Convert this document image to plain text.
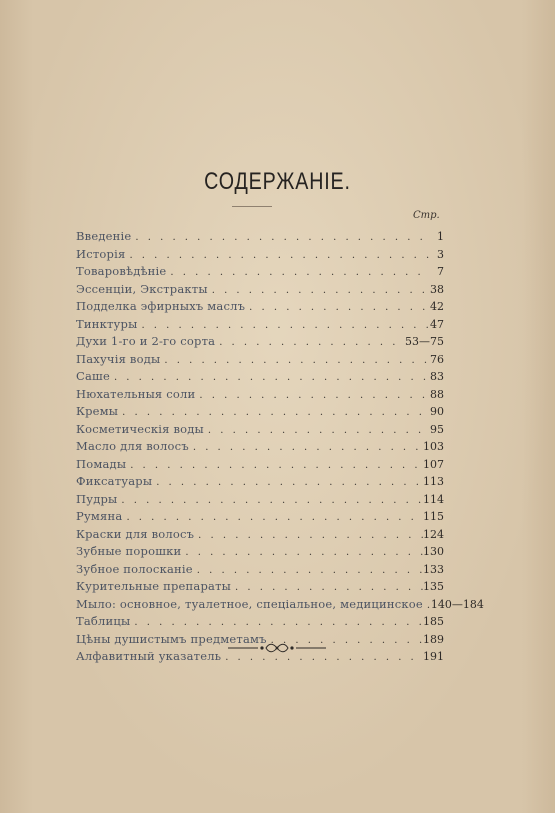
СОДЕРЖАНІЕ.
Стр.
Введеніе . . .	1
Исторія . . .	3
Товаровѣдѣніе . . .	7
Эссенціи, Экстракты . . .	38
Подделка эфирныхъ маслъ . . .	42
Тинктуры . . .	47
Духи 1-го и 2-го сорта . . .	53—75
Пахучія воды . . .	76
Саше . . .	83
Нюхательныя соли . . .	88
Кремы . . .	90
Косметическія воды . . .	95
Масло для волосъ . . .	103
Помады . . .	107
Фиксатуары . . .	113
Пудры . . .	114
Румяна . . .	115
Краски для волосъ . . .	124
Зубные порошки . . .	130
Зубное полосканіе . . .	133
Курительные препараты . . .	135
Мыло: основное, туалетное, спеціальное, медицинское . . . 140—184
Таблицы . . .	185
Цѣны душистымъ предметамъ . . .	189
Алфавитный указатель . . .	191
